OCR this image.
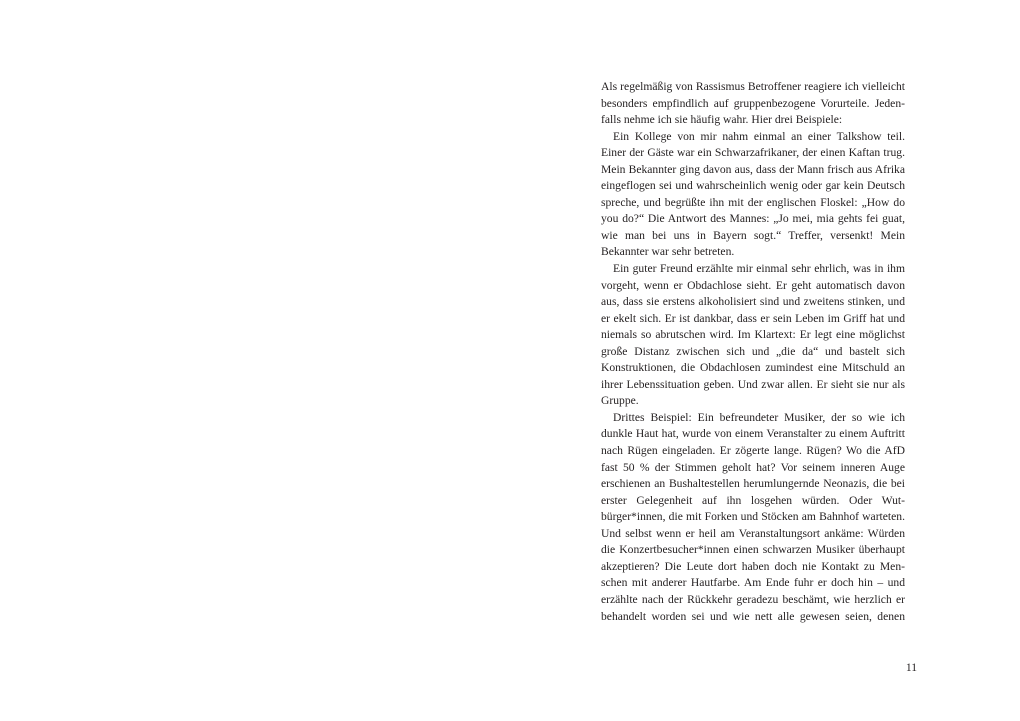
Als regelmäßig von Rassismus Betroffener reagiere ich vielleicht besonders empfindlich auf gruppenbezogene Vorurteile. Jedenfalls nehme ich sie häufig wahr. Hier drei Beispiele:

Ein Kollege von mir nahm einmal an einer Talkshow teil. Einer der Gäste war ein Schwarzafrikaner, der einen Kaftan trug. Mein Bekannter ging davon aus, dass der Mann frisch aus Afrika eingeflogen sei und wahrscheinlich wenig oder gar kein Deutsch spreche, und begrüßte ihn mit der englischen Floskel: „How do you do?“ Die Antwort des Mannes: „Jo mei, mia gehts fei guat, wie man bei uns in Bayern sogt.“ Treffer, versenkt! Mein Bekannter war sehr betreten.

Ein guter Freund erzählte mir einmal sehr ehrlich, was in ihm vorgeht, wenn er Obdachlose sieht. Er geht automatisch davon aus, dass sie erstens alkoholisiert sind und zweitens stinken, und er ekelt sich. Er ist dankbar, dass er sein Leben im Griff hat und niemals so abrutschen wird. Im Klartext: Er legt eine möglichst große Distanz zwischen sich und „die da“ und bastelt sich Konstruktionen, die Obdachlosen zumindest eine Mitschuld an ihrer Lebenssituation geben. Und zwar allen. Er sieht sie nur als Gruppe.

Drittes Beispiel: Ein befreundeter Musiker, der so wie ich dunkle Haut hat, wurde von einem Veranstalter zu einem Auftritt nach Rügen eingeladen. Er zögerte lange. Rügen? Wo die AfD fast 50 % der Stimmen geholt hat? Vor seinem inneren Auge erschienen an Bushaltestellen herumlungernde Neonazis, die bei erster Gelegenheit auf ihn losgehen würden. Oder Wutbürger*innen, die mit Forken und Stöcken am Bahnhof warteten. Und selbst wenn er heil am Veranstaltungsort ankäme: Würden die Konzertbesucher*innen einen schwarzen Musiker überhaupt akzeptieren? Die Leute dort haben doch nie Kontakt zu Menschen mit anderer Hautfarbe. Am Ende fuhr er doch hin – und erzählte nach der Rückkehr geradezu beschämt, wie herzlich er behandelt worden sei und wie nett alle gewesen seien, denen

11
